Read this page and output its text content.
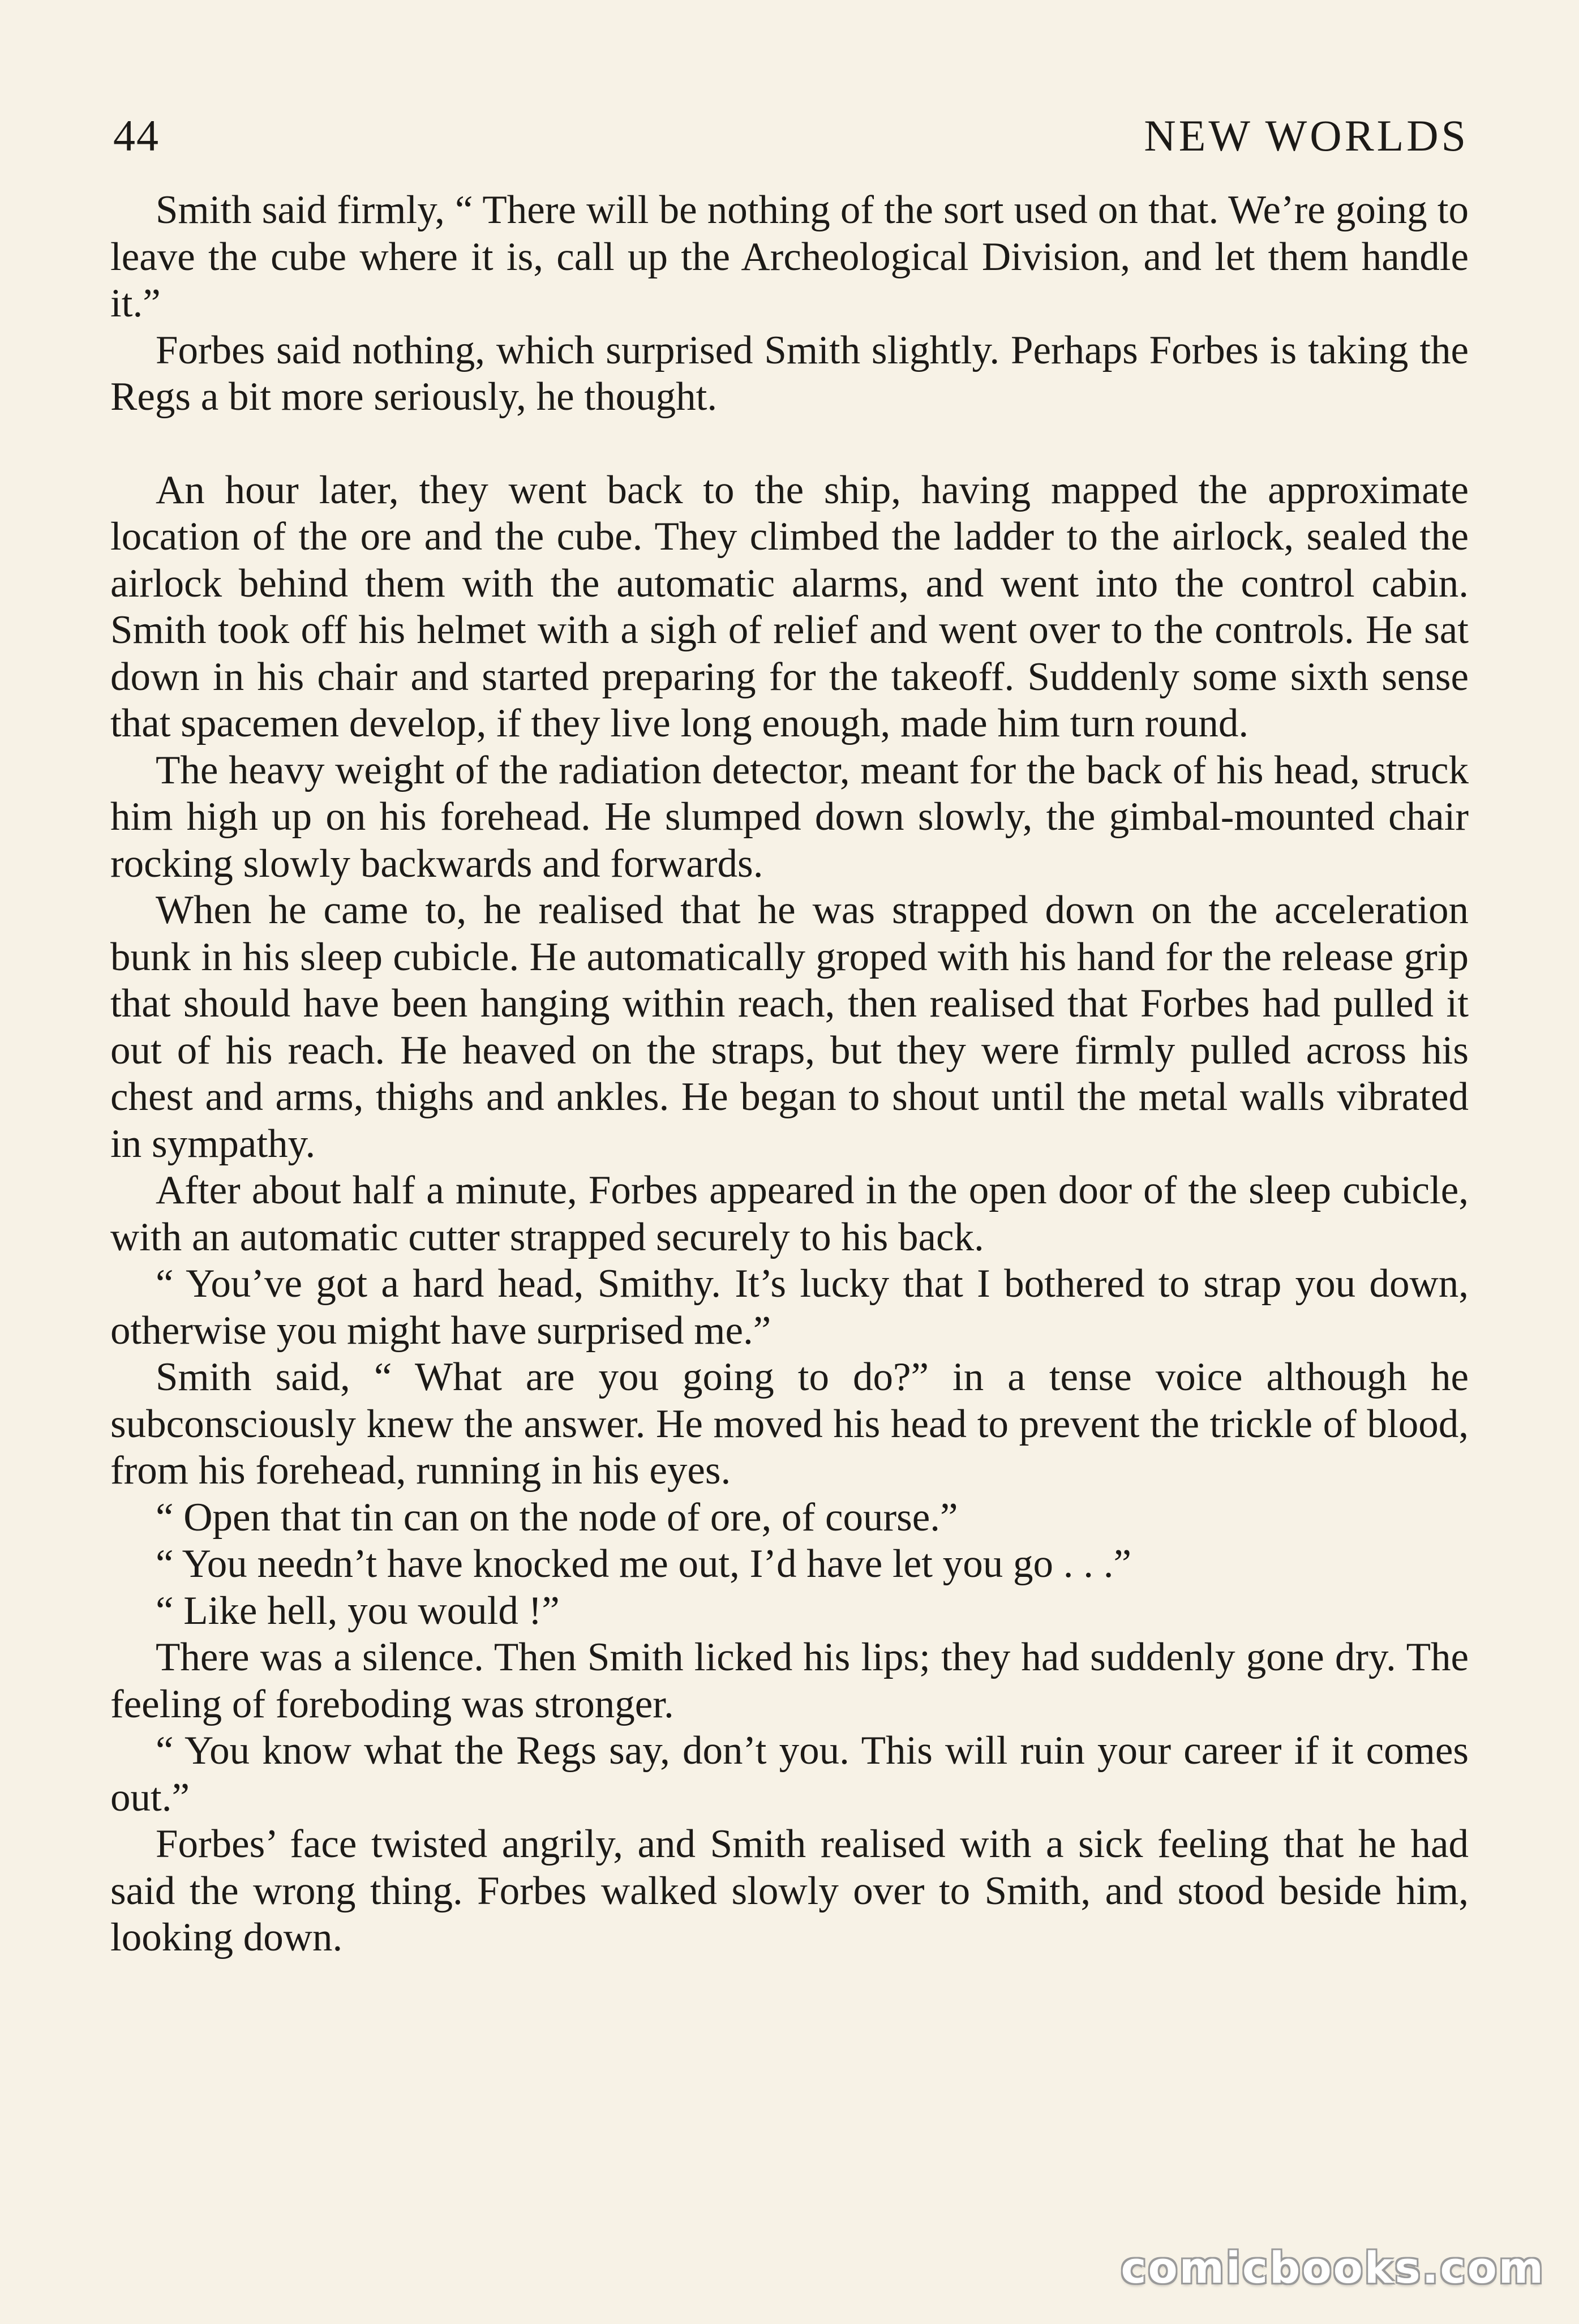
44	NEW WORLDS

Smith said firmly, “ There will be nothing of the sort used on that. We’re going to leave the cube where it is, call up the Archeological Division, and let them handle it.”

Forbes said nothing, which surprised Smith slightly. Perhaps Forbes is taking the Regs a bit more seriously, he thought.

An hour later, they went back to the ship, having mapped the approximate location of the ore and the cube. They climbed the ladder to the airlock, sealed the airlock behind them with the automatic alarms, and went into the control cabin. Smith took off his helmet with a sigh of relief and went over to the controls. He sat down in his chair and started preparing for the takeoff. Suddenly some sixth sense that spacemen develop, if they live long enough, made him turn round.

The heavy weight of the radiation detector, meant for the back of his head, struck him high up on his forehead. He slumped down slowly, the gimbal-mounted chair rocking slowly backwards and forwards.

When he came to, he realised that he was strapped down on the acceleration bunk in his sleep cubicle. He automatically groped with his hand for the release grip that should have been hanging within reach, then realised that Forbes had pulled it out of his reach. He heaved on the straps, but they were firmly pulled across his chest and arms, thighs and ankles. He began to shout until the metal walls vibrated in sympathy.

After about half a minute, Forbes appeared in the open door of the sleep cubicle, with an automatic cutter strapped securely to his back.

“ You’ve got a hard head, Smithy. It’s lucky that I bothered to strap you down, otherwise you might have surprised me.”

Smith said, “ What are you going to do?” in a tense voice although he subconsciously knew the answer. He moved his head to prevent the trickle of blood, from his forehead, running in his eyes.

“ Open that tin can on the node of ore, of course.”

“ You needn’t have knocked me out, I’d have let you go . . .”

“ Like hell, you would !”

There was a silence. Then Smith licked his lips; they had suddenly gone dry. The feeling of foreboding was stronger.

“ You know what the Regs say, don’t you. This will ruin your career if it comes out.”

Forbes’ face twisted angrily, and Smith realised with a sick feeling that he had said the wrong thing. Forbes walked slowly over to Smith, and stood beside him, looking down.

comicbooks.com
